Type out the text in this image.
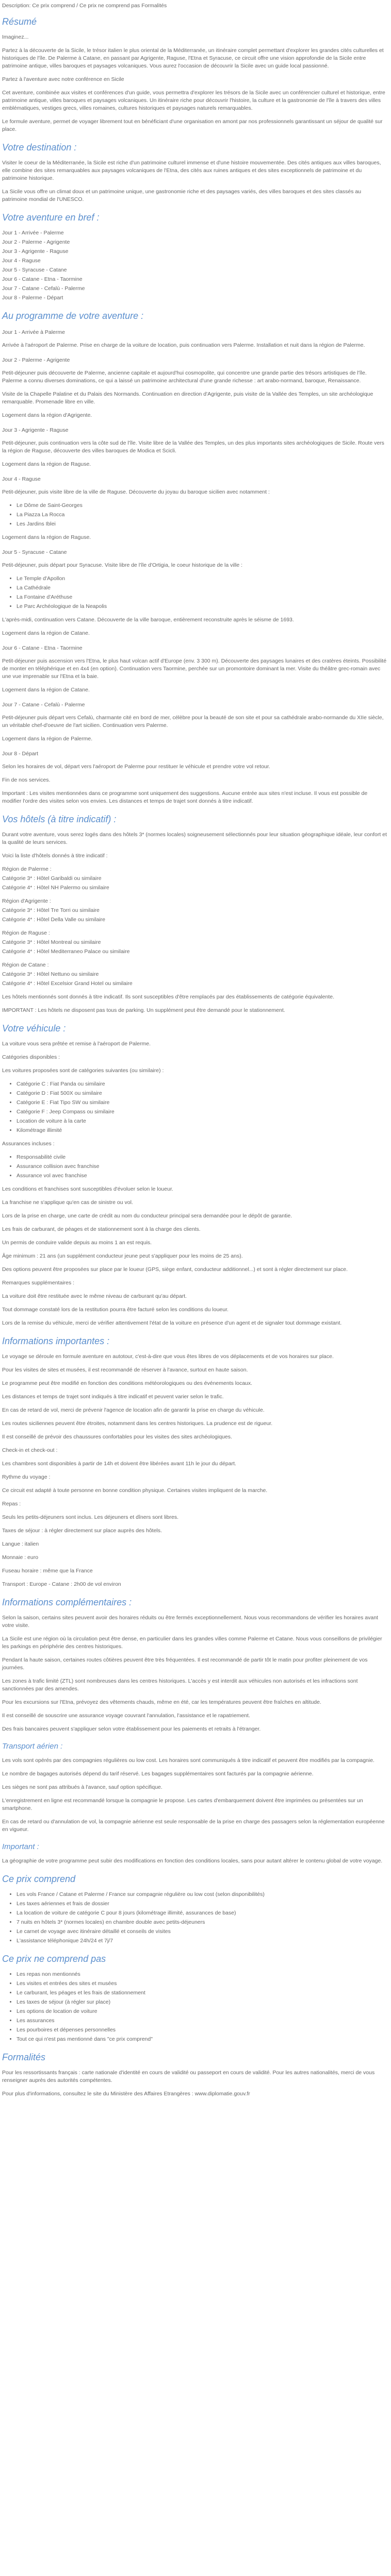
Description: Ce prix comprend / Ce prix ne comprend pas Formalités

Résumé

Imaginez...

Partez à la découverte de la Sicile, le trésor italien le plus oriental de la Méditerranée, un itinéraire complet permettant d'explorer les grandes cités culturelles et historiques de l'île. De Palerme à Catane, en passant par Agrigente, Raguse, l'Etna et Syracuse, ce circuit offre une vision approfondie de la Sicile entre patrimoine antique, villes baroques et paysages volcaniques. Vous aurez l'occasion de découvrir la Sicile avec un guide local passionné.

Partez à l'aventure avec notre conférence en Sicile

Cet aventure, combinée aux visites et conférences d'un guide, vous permettra d'explorer les trésors de la Sicile avec un conférencier culturel et historique, entre patrimoine antique, villes baroques et paysages volcaniques. Un itinéraire riche pour découvrir l'histoire, la culture et la gastronomie de l'île à travers des villes emblématiques, vestiges grecs, villes romaines, cultures historiques et paysages naturels remarquables.

Le formule aventure, permet de voyager librement tout en bénéficiant d'une organisation en amont par nos professionnels garantissant un séjour de qualité sur place.

Votre destination :

Visiter le coeur de la Méditerranée, la Sicile est riche d'un patrimoine culturel immense et d'une histoire mouvementée. Des cités antiques aux villes baroques, elle combine des sites remarquables aux paysages volcaniques de l'Etna, des cités aux ruines antiques et des sites exceptionnels de patrimoine et du patrimoine historique.

La Sicile vous offre un climat doux et un patrimoine unique, une gastronomie riche et des paysages variés, des villes baroques et des sites classés au patrimoine mondial de l'UNESCO.

Votre aventure en bref :

Jour 1 - Arrivée - Palerme

Jour 2 - Palerme - Agrigente

Jour 3 - Agrigente - Raguse

Jour 4 - Raguse

Jour 5 - Syracuse - Catane

Jour 6 - Catane - Etna - Taormine

Jour 7 - Catane - Cefalù - Palerme

Jour 8 - Palerme - Départ

Au programme de votre aventure :

Jour 1 - Arrivée à Palerme

Arrivée à l'aéroport de Palerme. Prise en charge de la voiture de location, puis continuation vers Palerme. Installation et nuit dans la région de Palerme.

Jour 2 - Palerme - Agrigente

Petit-déjeuner puis découverte de Palerme, ancienne capitale et aujourd'hui cosmopolite, qui concentre une grande partie des trésors artistiques de l'île. Palerme a connu diverses dominations, ce qui a laissé un patrimoine architectural d'une grande richesse : art arabo-normand, baroque, Renaissance.

Visite de la Chapelle Palatine et du Palais des Normands. Continuation en direction d'Agrigente, puis visite de la Vallée des Temples, un site archéologique remarquable. Promenade libre en ville.

Logement dans la région d'Agrigente.

Jour 3 - Agrigente - Raguse

Petit-déjeuner, puis continuation vers la côte sud de l'île. Visite libre de la Vallée des Temples, un des plus importants sites archéologiques de Sicile. Route vers la région de Raguse, découverte des villes baroques de Modica et Scicli.

Logement dans la région de Raguse.

Jour 4 - Raguse

Petit-déjeuner, puis visite libre de la ville de Raguse. Découverte du joyau du baroque sicilien avec notamment :

• Le Dôme de Saint-Georges
• La Piazza La Rocca
• Les Jardins Iblei

Logement dans la région de Raguse.

Jour 5 - Syracuse - Catane

Petit-déjeuner, puis départ pour Syracuse. Visite libre de l'île d'Ortigia, le coeur historique de la ville :

• Le Temple d'Apollon
• La Cathédrale
• La Fontaine d'Aréthuse
• Le Parc Archéologique de la Neapolis

L'après-midi, continuation vers Catane. Découverte de la ville baroque, entièrement reconstruite après le séisme de 1693.

Logement dans la région de Catane.

Jour 6 - Catane - Etna - Taormine

Petit-déjeuner puis ascension vers l'Etna, le plus haut volcan actif d'Europe (env. 3 300 m). Découverte des paysages lunaires et des cratères éteints. Possibilité de monter en téléphérique et en 4x4 (en option). Continuation vers Taormine, perchée sur un promontoire dominant la mer. Visite du théâtre grec-romain avec une vue imprenable sur l'Etna et la baie.

Logement dans la région de Catane.

Jour 7 - Catane - Cefalù - Palerme

Petit-déjeuner puis départ vers Cefalù, charmante cité en bord de mer, célèbre pour la beauté de son site et pour sa cathédrale arabo-normande du XIIe siècle, un véritable chef-d'oeuvre de l'art sicilien. Continuation vers Palerme.

Logement dans la région de Palerme.

Jour 8 - Départ

Selon les horaires de vol, départ vers l'aéroport de Palerme pour restituer le véhicule et prendre votre vol retour.

Fin de nos services.

Important : Les visites mentionnées dans ce programme sont uniquement des suggestions. Aucune entrée aux sites n'est incluse. Il vous est possible de modifier l'ordre des visites selon vos envies. Les distances et temps de trajet sont donnés à titre indicatif.

Vos hôtels (à titre indicatif) :

Durant votre aventure, vous serez logés dans des hôtels 3* (normes locales) soigneusement sélectionnés pour leur situation géographique idéale, leur confort et la qualité de leurs services.

Voici la liste d'hôtels donnés à titre indicatif :

Région de Palerme :

Catégorie 3* : Hôtel Garibaldi ou similaire

Catégorie 4* : Hôtel NH Palermo ou similaire

Région d'Agrigente :

Catégorie 3* : Hôtel Tre Torri ou similaire

Catégorie 4* : Hôtel Della Valle ou similaire

Région de Raguse :

Catégorie 3* : Hôtel Montreal ou similaire

Catégorie 4* : Hôtel Mediterraneo Palace ou similaire

Région de Catane :

Catégorie 3* : Hôtel Nettuno ou similaire

Catégorie 4* : Hôtel Excelsior Grand Hotel ou similaire

Les hôtels mentionnés sont donnés à titre indicatif. Ils sont susceptibles d'être remplacés par des établissements de catégorie équivalente.

IMPORTANT : Les hôtels ne disposent pas tous de parking. Un supplément peut être demandé pour le stationnement.

Votre véhicule :

La voiture vous sera prêtée et remise à l'aéroport de Palerme.

Catégories disponibles :

Les voitures proposées sont de catégories suivantes (ou similaire) :

• Catégorie C : Fiat Panda ou similaire
• Catégorie D : Fiat 500X ou similaire
• Catégorie E : Fiat Tipo SW ou similaire
• Catégorie F : Jeep Compass ou similaire
• Location de voiture à la carte
• Kilométrage illimité

Assurances incluses :

• Responsabilité civile
• Assurance collision avec franchise
• Assurance vol avec franchise

Les conditions et franchises sont susceptibles d'évoluer selon le loueur.

La franchise ne s'applique qu'en cas de sinistre ou vol.

Lors de la prise en charge, une carte de crédit au nom du conducteur principal sera demandée pour le dépôt de garantie.

Les frais de carburant, de péages et de stationnement sont à la charge des clients.

Un permis de conduire valide depuis au moins 1 an est requis.

Âge minimum : 21 ans (un supplément conducteur jeune peut s'appliquer pour les moins de 25 ans).

Des options peuvent être proposées sur place par le loueur (GPS, siège enfant, conducteur additionnel...) et sont à régler directement sur place.

Remarques supplémentaires :

La voiture doit être restituée avec le même niveau de carburant qu'au départ.

Tout dommage constaté lors de la restitution pourra être facturé selon les conditions du loueur.

Lors de la remise du véhicule, merci de vérifier attentivement l'état de la voiture en présence d'un agent et de signaler tout dommage existant.

Informations importantes :

Le voyage se déroule en formule aventure en autotour, c'est-à-dire que vous êtes libres de vos déplacements et de vos horaires sur place.

Pour les visites de sites et musées, il est recommandé de réserver à l'avance, surtout en haute saison.

Le programme peut être modifié en fonction des conditions météorologiques ou des événements locaux.

Les distances et temps de trajet sont indiqués à titre indicatif et peuvent varier selon le trafic.

En cas de retard de vol, merci de prévenir l'agence de location afin de garantir la prise en charge du véhicule.

Les routes siciliennes peuvent être étroites, notamment dans les centres historiques. La prudence est de rigueur.

Il est conseillé de prévoir des chaussures confortables pour les visites des sites archéologiques.

Check-in et check-out :

Les chambres sont disponibles à partir de 14h et doivent être libérées avant 11h le jour du départ.

Rythme du voyage :

Ce circuit est adapté à toute personne en bonne condition physique. Certaines visites impliquent de la marche.

Repas :

Seuls les petits-déjeuners sont inclus. Les déjeuners et dîners sont libres.

Taxes de séjour : à régler directement sur place auprès des hôtels.

Langue : italien

Monnaie : euro

Fuseau horaire : même que la France

Transport : Europe - Catane : 2h00 de vol environ

Informations complémentaires :

Selon la saison, certains sites peuvent avoir des horaires réduits ou être fermés exceptionnellement. Nous vous recommandons de vérifier les horaires avant votre visite.

La Sicile est une région où la circulation peut être dense, en particulier dans les grandes villes comme Palerme et Catane. Nous vous conseillons de privilégier les parkings en périphérie des centres historiques.

Pendant la haute saison, certaines routes côtières peuvent être très fréquentées. Il est recommandé de partir tôt le matin pour profiter pleinement de vos journées.

Les zones à trafic limité (ZTL) sont nombreuses dans les centres historiques. L'accès y est interdit aux véhicules non autorisés et les infractions sont sanctionnées par des amendes.

Pour les excursions sur l'Etna, prévoyez des vêtements chauds, même en été, car les températures peuvent être fraîches en altitude.

Il est conseillé de souscrire une assurance voyage couvrant l'annulation, l'assistance et le rapatriement.

Des frais bancaires peuvent s'appliquer selon votre établissement pour les paiements et retraits à l'étranger.

Transport aérien :

Les vols sont opérés par des compagnies régulières ou low cost. Les horaires sont communiqués à titre indicatif et peuvent être modifiés par la compagnie.

Le nombre de bagages autorisés dépend du tarif réservé. Les bagages supplémentaires sont facturés par la compagnie aérienne.

Les sièges ne sont pas attribués à l'avance, sauf option spécifique.

L'enregistrement en ligne est recommandé lorsque la compagnie le propose. Les cartes d'embarquement doivent être imprimées ou présentées sur un smartphone.

En cas de retard ou d'annulation de vol, la compagnie aérienne est seule responsable de la prise en charge des passagers selon la réglementation européenne en vigueur.

Important :

La géographie de votre programme peut subir des modifications en fonction des conditions locales, sans pour autant altérer le contenu global de votre voyage.

Ce prix comprend
• Les vols France / Catane et Palerme / France sur compagnie régulière ou low cost (selon disponibilités)
• Les taxes aériennes et frais de dossier
• La location de voiture de catégorie C pour 8 jours (kilométrage illimité, assurances de base)
• 7 nuits en hôtels 3* (normes locales) en chambre double avec petits-déjeuners
• Le carnet de voyage avec itinéraire détaillé et conseils de visites
• L'assistance téléphonique 24h/24 et 7j/7
Ce prix ne comprend pas
• Les repas non mentionnés
• Les visites et entrées des sites et musées
• Le carburant, les péages et les frais de stationnement
• Les taxes de séjour (à régler sur place)
• Les options de location de voiture
• Les assurances
• Les pourboires et dépenses personnelles
• Tout ce qui n'est pas mentionné dans "ce prix comprend"
Formalités

Pour les ressortissants français : carte nationale d'identité en cours de validité ou passeport en cours de validité. Pour les autres nationalités, merci de vous renseigner auprès des autorités compétentes.

Pour plus d'informations, consultez le site du Ministère des Affaires Etrangères : www.diplomatie.gouv.fr
